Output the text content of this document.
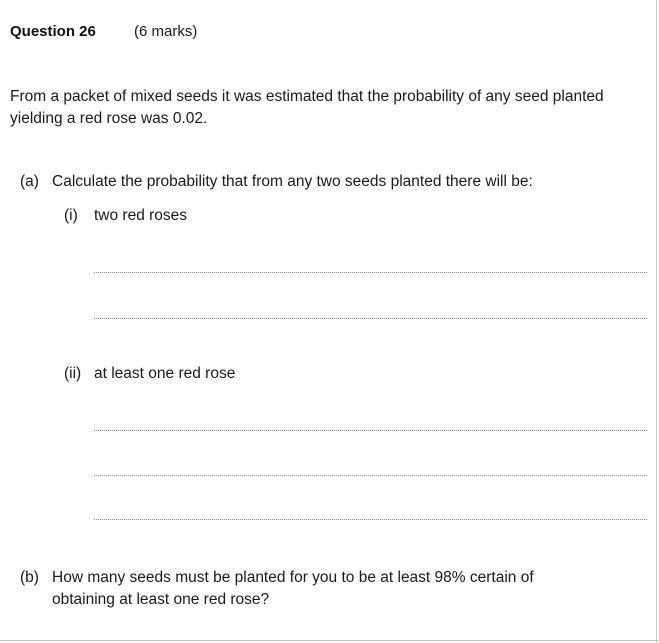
Question 26	(6 marks)
From a packet of mixed seeds it was estimated that the probability of any seed planted yielding a red rose was 0.02.
(a) Calculate the probability that from any two seeds planted there will be:
(i) two red roses
(ii) at least one red rose
(b) How many seeds must be planted for you to be at least 98% certain of obtaining at least one red rose?
